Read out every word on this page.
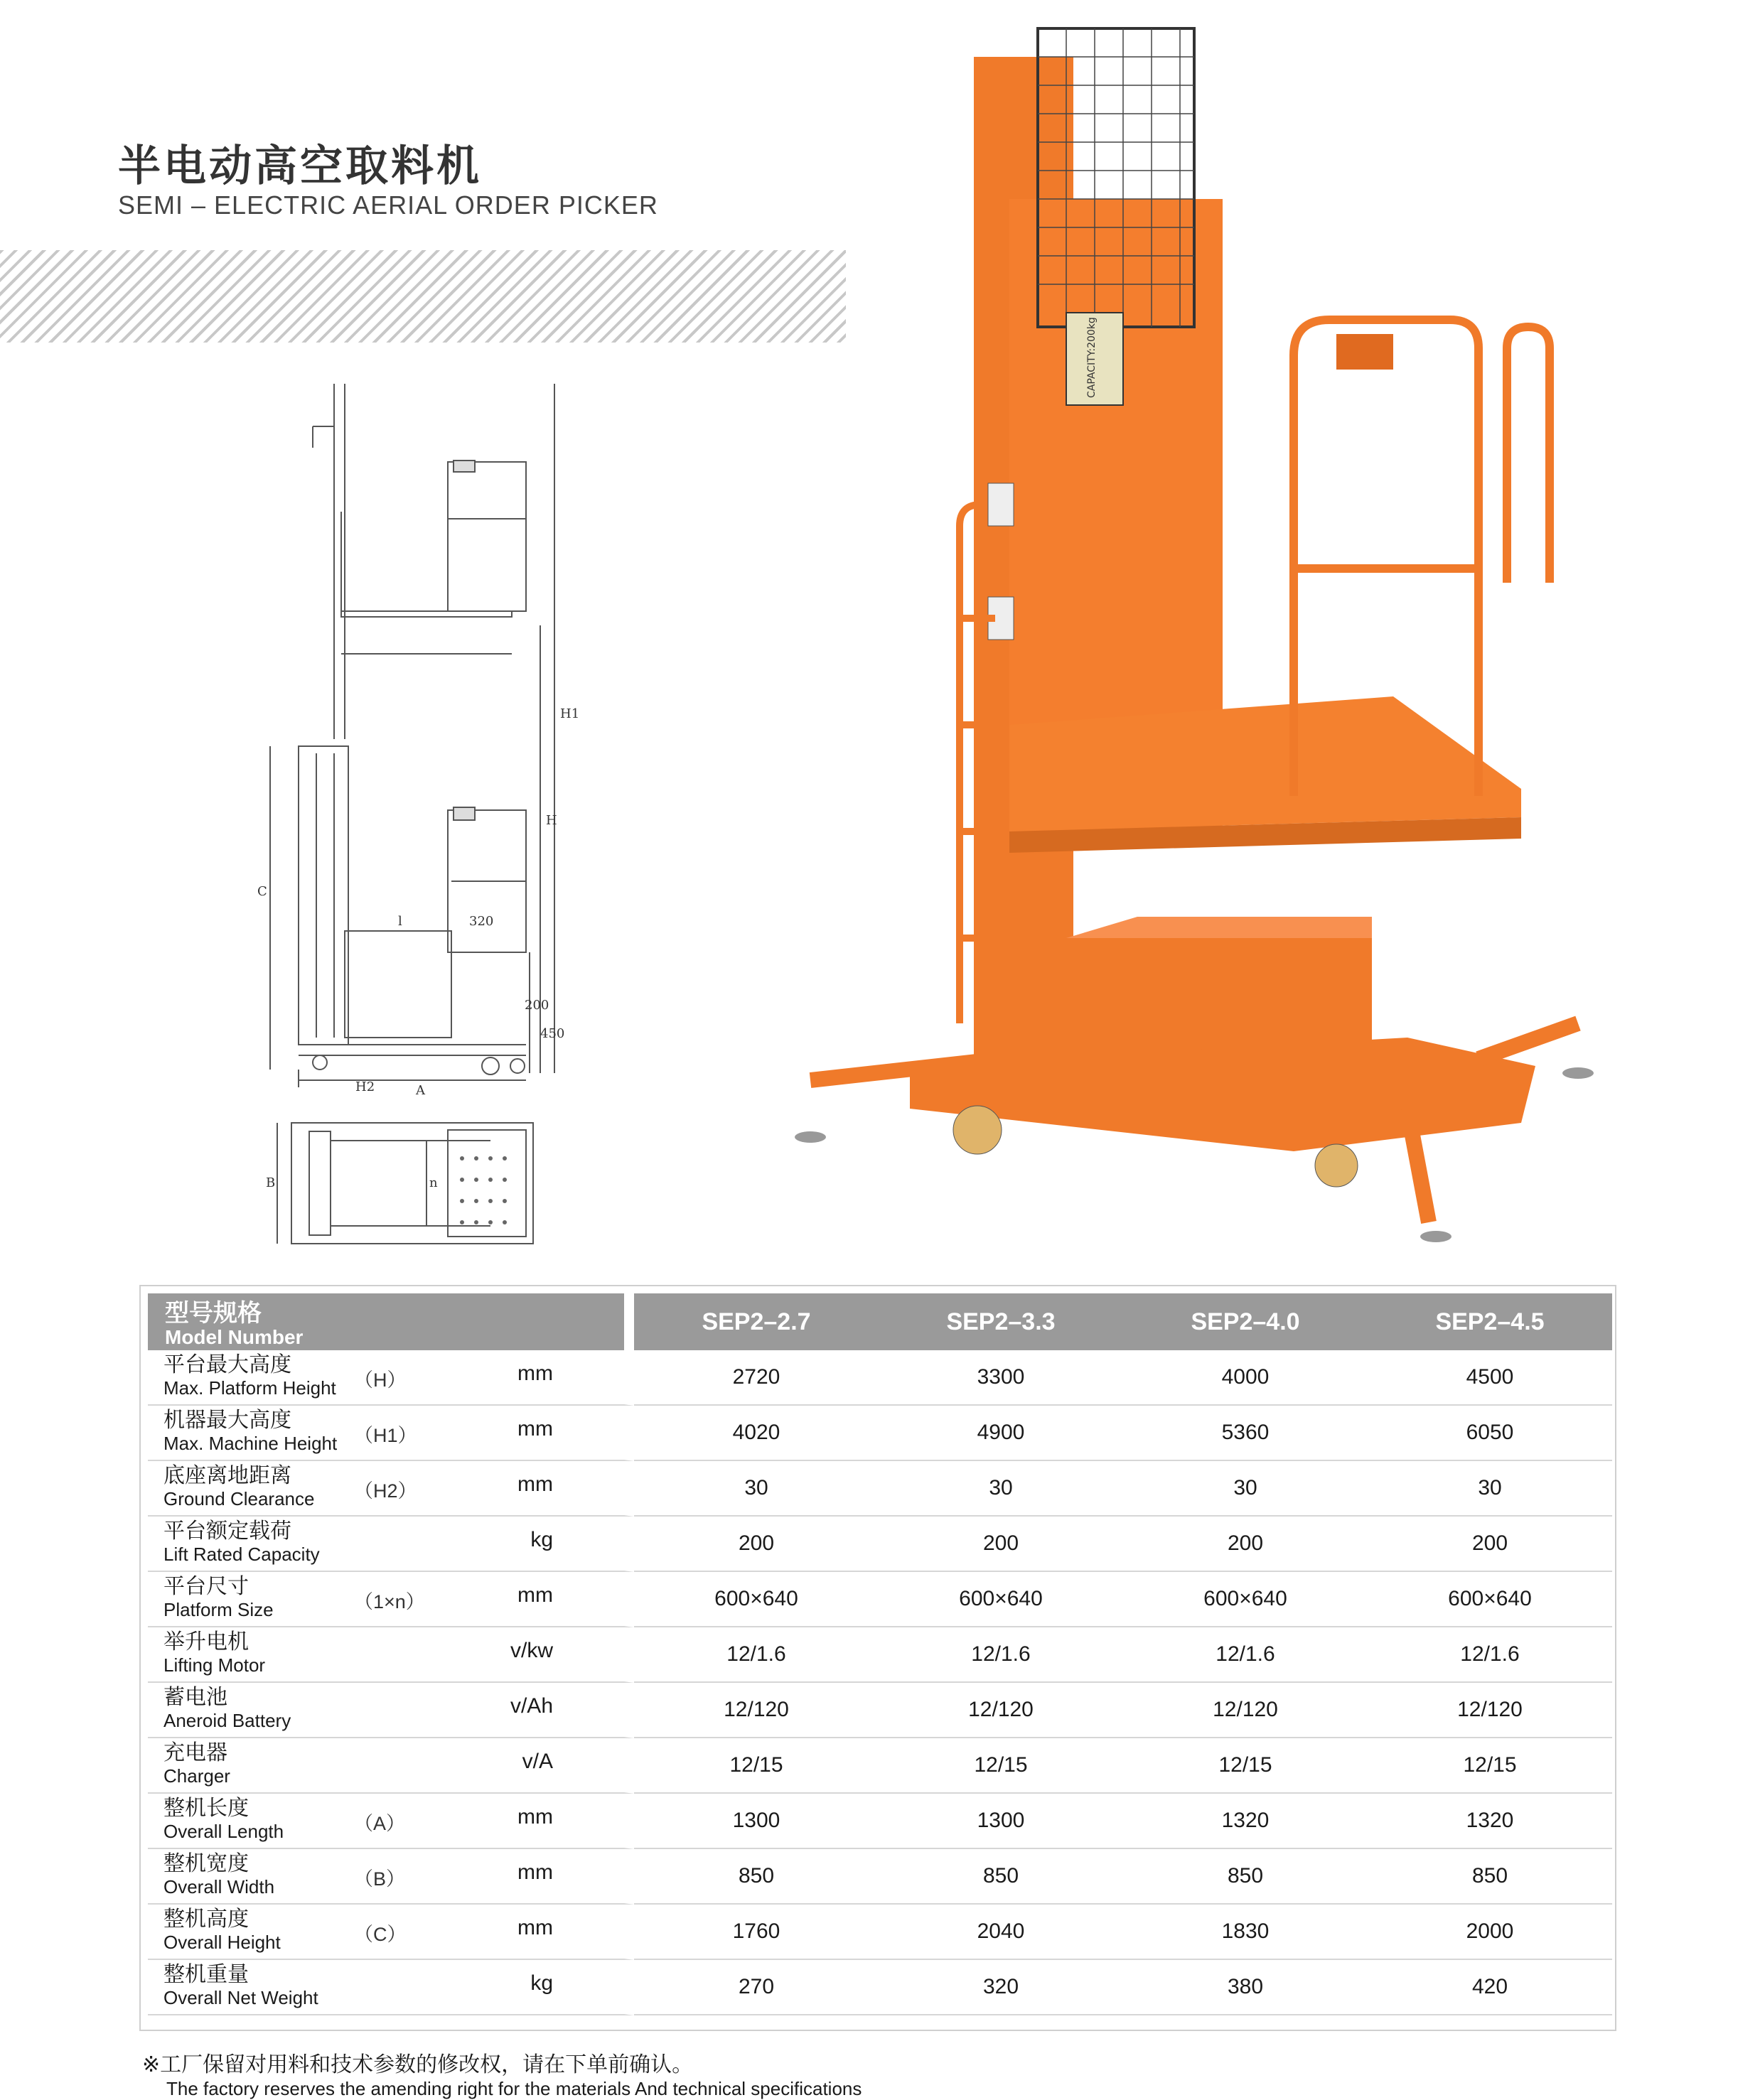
半电动高空取料机
SEMI – ELECTRIC AERIAL ORDER PICKER
H1
H
C
l	320
200
450
H2	A
B	n
CAPACITY:200kg
型号规格
Model Number	SEP2–2.7	SEP2–3.3	SEP2–4.0	SEP2–4.5

平台最大高度
Max. Platform Height （H） mm	2720	3300	4000	4500

机器最大高度
Max. Machine Height （H1） mm	4020	4900	5360	6050

底座离地距离
Ground Clearance （H2） mm	30	30	30	30

平台额定载荷
Lift Rated Capacity
kg	200	200	200	200

平台尺寸
Platform Size （1×n） mm	600×640	600×640	600×640	600×640

举升电机
Lifting Motor
v/kw	12/1.6	12/1.6	12/1.6	12/1.6

蓄电池
Aneroid Battery
v/Ah	12/120	12/120	12/120	12/120

充电器
Charger
v/A	12/15	12/15	12/15	12/15

整机长度
Overall Length （A） mm	1300	1300	1320	1320

整机宽度
Overall Width （B） mm	850	850	850	850

整机高度
Overall Height （C） mm	1760	2040	1830	2000

整机重量
Overall Net Weight
kg	270	320	380	420
※工厂保留对用料和技术参数的修改权，请在下单前确认。
The factory reserves the amending right for the materials And technical specifications
